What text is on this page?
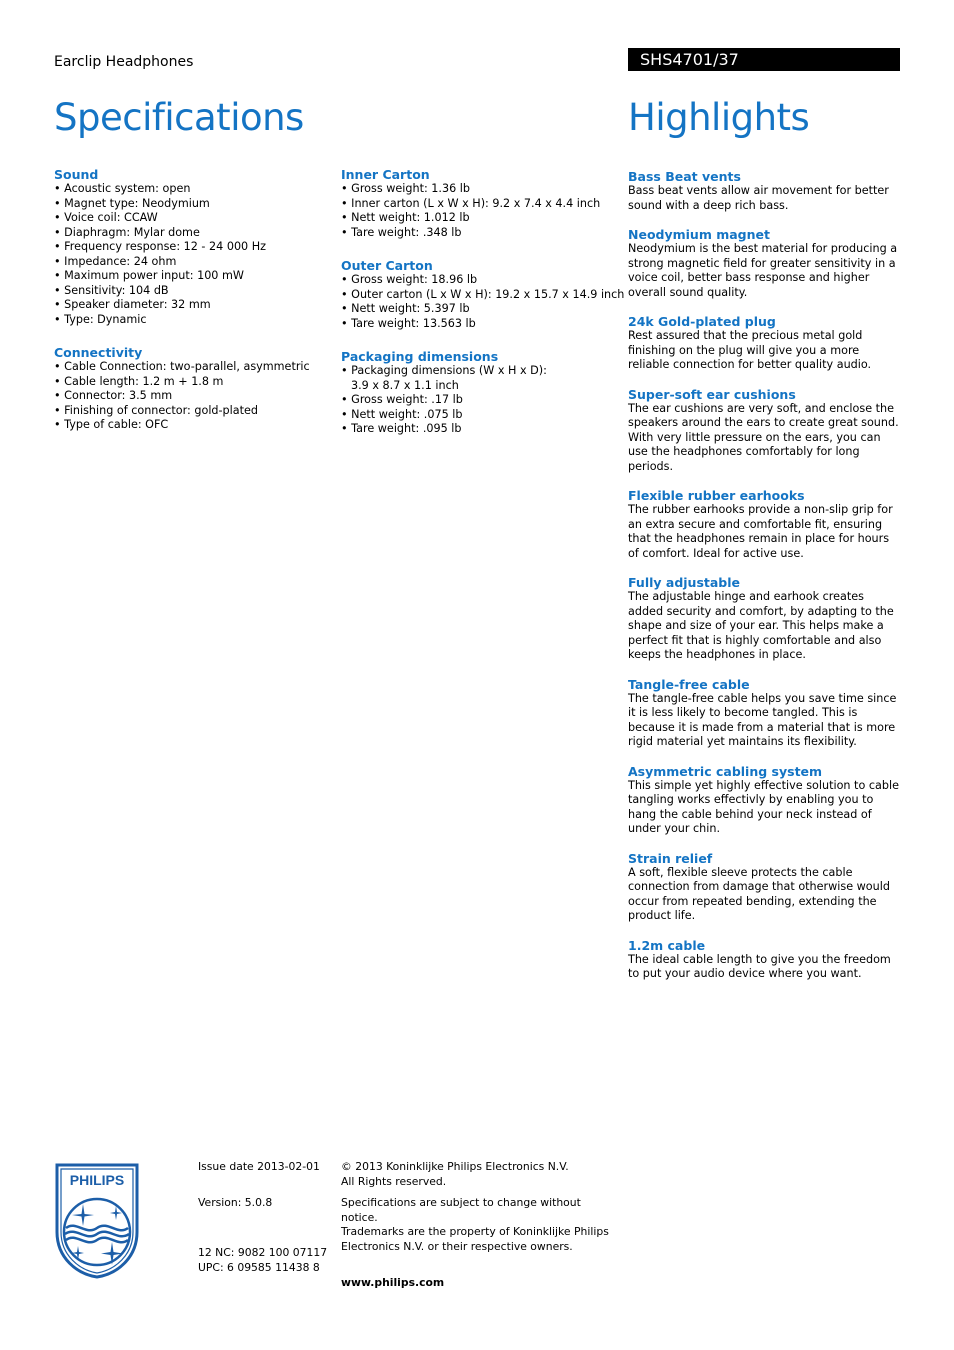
Earclip Headphones	SHS4701/37
Specifications	Highlights
Sound
• Acoustic system: open
• Magnet type: Neodymium
• Voice coil: CCAW
• Diaphragm: Mylar dome
• Frequency response: 12 - 24 000 Hz
• Impedance: 24 ohm
• Maximum power input: 100 mW
• Sensitivity: 104 dB
• Speaker diameter: 32 mm
• Type: Dynamic
Connectivity
• Cable Connection: two-parallel, asymmetric
• Cable length: 1.2 m + 1.8 m
• Connector: 3.5 mm
• Finishing of connector: gold-plated
• Type of cable: OFC
Inner Carton
• Gross weight: 1.36 lb
• Inner carton (L x W x H): 9.2 x 7.4 x 4.4 inch
• Nett weight: 1.012 lb
• Tare weight: .348 lb
Outer Carton
• Gross weight: 18.96 lb
• Outer carton (L x W x H): 19.2 x 15.7 x 14.9 inch
• Nett weight: 5.397 lb
• Tare weight: 13.563 lb
Packaging dimensions
• Packaging dimensions (W x H x D):
3.9 x 8.7 x 1.1 inch
• Gross weight: .17 lb
• Nett weight: .075 lb
• Tare weight: .095 lb
Bass Beat vents

Bass beat vents allow air movement for better sound with a deep rich bass.

Neodymium magnet

Neodymium is the best material for producing a strong magnetic field for greater sensitivity in a voice coil, better bass response and higher overall sound quality.

24k Gold-plated plug

Rest assured that the precious metal gold finishing on the plug will give you a more reliable connection for better quality audio.

Super-soft ear cushions

The ear cushions are very soft, and enclose the speakers around the ears to create great sound. With very little pressure on the ears, you can use the headphones comfortably for long periods.

Flexible rubber earhooks

The rubber earhooks provide a non-slip grip for an extra secure and comfortable fit, ensuring that the headphones remain in place for hours of comfort. Ideal for active use.

Fully adjustable

The adjustable hinge and earhook creates added security and comfort, by adapting to the shape and size of your ear. This helps make a perfect fit that is highly comfortable and also keeps the headphones in place.

Tangle-free cable

The tangle-free cable helps you save time since it is less likely to become tangled. This is because it is made from a material that is more rigid material yet maintains its flexibility.

Asymmetric cabling system

This simple yet highly effective solution to cable tangling works effectivly by enabling you to hang the cable behind your neck instead of under your chin.

Strain relief

A soft, flexible sleeve protects the cable connection from damage that otherwise would occur from repeated bending, extending the product life.

1.2m cable

The ideal cable length to give you the freedom to put your audio device where you want.

PHILIPS
Issue date 2013-02-01
Version: 5.0.8
12 NC: 9082 100 07117
UPC: 6 09585 11438 8
© 2013 Koninklijke Philips Electronics N.V.
All Rights reserved.
Specifications are subject to change without notice.
Trademarks are the property of Koninklijke Philips
Electronics N.V. or their respective owners.
www.philips.com
